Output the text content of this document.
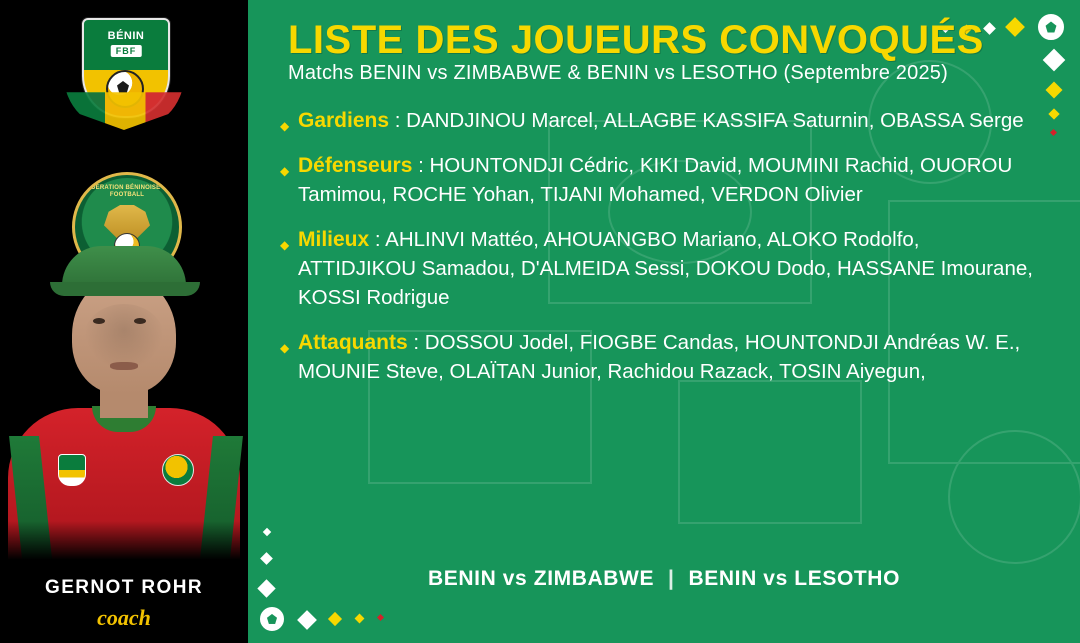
BÉNIN
FBF
FEDERATION BÉNINOISE DE FOOTBALL
GERNOT ROHR
coach
LISTE DES JOUEURS CONVOQUÉS
Matchs BENIN vs ZIMBABWE & BENIN vs LESOTHO (Septembre 2025)
◆ Gardiens : DANDJINOU Marcel, ALLAGBE KASSIFA Saturnin, OBASSA Serge
◆ Défenseurs : HOUNTONDJI Cédric, KIKI David, MOUMINI Rachid, OUOROU Tamimou, ROCHE Yohan, TIJANI Mohamed, VERDON Olivier
◆ Milieux : AHLINVI Mattéo, AHOUANGBO Mariano, ALOKO Rodolfo, ATTIDJIKOU Samadou, D'ALMEIDA Sessi, DOKOU Dodo, HASSANE Imourane, KOSSI Rodrigue
◆ Attaquants : DOSSOU Jodel, FIOGBE Candas, HOUNTONDJI Andréas W. E., MOUNIE Steve, OLAÏTAN Junior, Rachidou Razack, TOSIN Aiyegun,
BENIN vs ZIMBABWE | BENIN vs LESOTHO
